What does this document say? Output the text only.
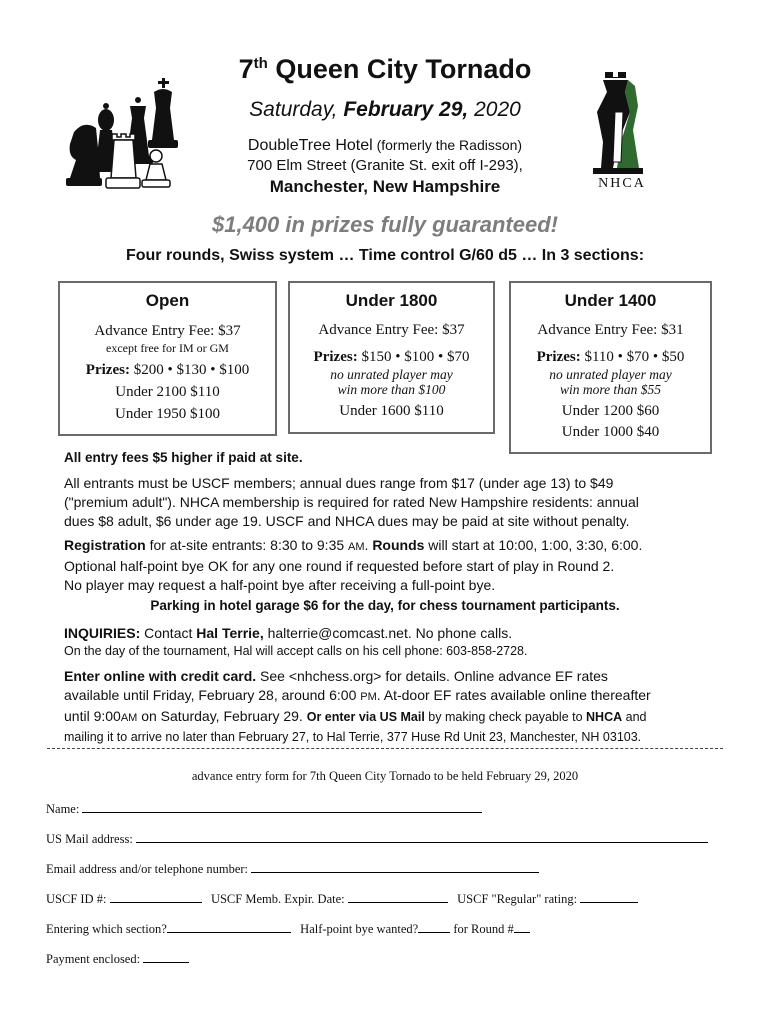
7th Queen City Tornado
Saturday, February 29, 2020
DoubleTree Hotel (formerly the Radisson)
700 Elm Street (Granite St. exit off I-293),
Manchester, New Hampshire	NHCA
$1,400 in prizes fully guaranteed!
Four rounds, Swiss system … Time control G/60 d5 … In 3 sections:
Open
Advance Entry Fee: $37
except free for IM or GM
Prizes: $200 • $130 • $100
Under 2100 $110
Under 1950 $100
Under 1800
Advance Entry Fee: $37
Prizes: $150 • $100 • $70
no unrated player may
win more than $100
Under 1600 $110
Under 1400
Advance Entry Fee: $31
Prizes: $110 • $70 • $50
no unrated player may
win more than $55
Under 1200 $60
Under 1000 $40
All entry fees $5 higher if paid at site.
All entrants must be USCF members; annual dues range from $17 (under age 13) to $49
("premium adult"). NHCA membership is required for rated New Hampshire residents: annual
dues $8 adult, $6 under age 19. USCF and NHCA dues may be paid at site without penalty.
Registration for at-site entrants: 8:30 to 9:35 AM. Rounds will start at 10:00, 1:00, 3:30, 6:00.
Optional half-point bye OK for any one round if requested before start of play in Round 2.
No player may request a half-point bye after receiving a full-point bye.
Parking in hotel garage $6 for the day, for chess tournament participants.
INQUIRIES: Contact Hal Terrie, halterrie@comcast.net. No phone calls.
On the day of the tournament, Hal will accept calls on his cell phone: 603-858-2728.
Enter online with credit card. See <nhchess.org> for details. Online advance EF rates
available until Friday, February 28, around 6:00 PM. At-door EF rates available online thereafter
until 9:00AM on Saturday, February 29. Or enter via US Mail by making check payable to NHCA and
mailing it to arrive no later than February 27, to Hal Terrie, 377 Huse Rd Unit 23, Manchester, NH 03103.
advance entry form for 7th Queen City Tornado to be held February 29, 2020
Name:
US Mail address:
Email address and/or telephone number:
USCF ID #:	USCF Memb. Expir. Date:	USCF "Regular" rating:
Entering which section?	Half-point bye wanted?	for Round #
Payment enclosed:
